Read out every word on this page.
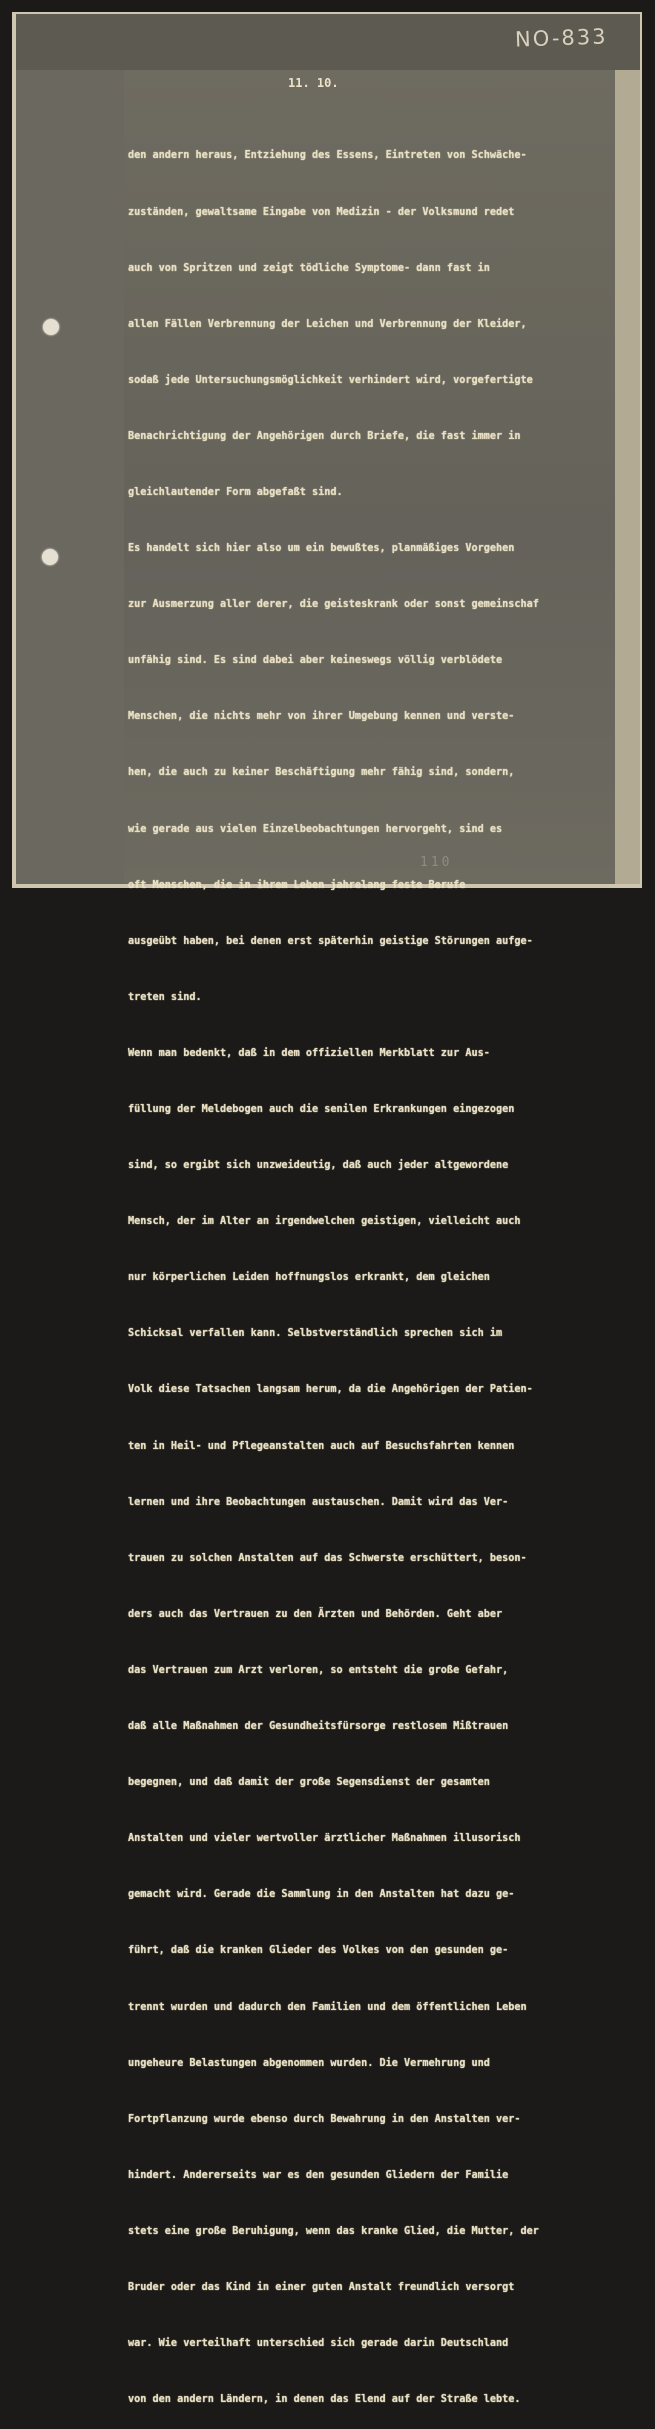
NO-833
11. 10.

den andern heraus, Entziehung des Essens, Eintreten von Schwäche-

zuständen, gewaltsame Eingabe von Medizin - der Volksmund redet

auch von Spritzen und zeigt tödliche Symptome- dann fast in

allen Fällen Verbrennung der Leichen und Verbrennung der Kleider,

sodaß jede Untersuchungsmöglichkeit verhindert wird, vorgefertigte

Benachrichtigung der Angehörigen durch Briefe, die fast immer in

gleichlautender Form abgefaßt sind.

Es handelt sich hier also um ein bewußtes, planmäßiges Vorgehen

zur Ausmerzung aller derer, die geisteskrank oder sonst gemeinschaf

unfähig sind. Es sind dabei aber keineswegs völlig verblödete

Menschen, die nichts mehr von ihrer Umgebung kennen und verste-

hen, die auch zu keiner Beschäftigung mehr fähig sind, sondern,

wie gerade aus vielen Einzelbeobachtungen hervorgeht, sind es

oft Menschen, die in ihrem Leben jahrelang feste Berufe

ausgeübt haben, bei denen erst späterhin geistige Störungen aufge-

treten sind.

Wenn man bedenkt, daß in dem offiziellen Merkblatt zur Aus-

füllung der Meldebogen auch die senilen Erkrankungen eingezogen

sind, so ergibt sich unzweideutig, daß auch jeder altgewordene

Mensch, der im Alter an irgendwelchen geistigen, vielleicht auch

nur körperlichen Leiden hoffnungslos erkrankt, dem gleichen

Schicksal verfallen kann. Selbstverständlich sprechen sich im

Volk diese Tatsachen langsam herum, da die Angehörigen der Patien-

ten in Heil- und Pflegeanstalten auch auf Besuchsfahrten kennen

lernen und ihre Beobachtungen austauschen. Damit wird das Ver-

trauen zu solchen Anstalten auf das Schwerste erschüttert, beson-

ders auch das Vertrauen zu den Ärzten und Behörden. Geht aber

das Vertrauen zum Arzt verloren, so entsteht die große Gefahr,

daß alle Maßnahmen der Gesundheitsfürsorge restlosem Mißtrauen

begegnen, und daß damit der große Segensdienst der gesamten

Anstalten und vieler wertvoller ärztlicher Maßnahmen illusorisch

gemacht wird. Gerade die Sammlung in den Anstalten hat dazu ge-

führt, daß die kranken Glieder des Volkes von den gesunden ge-

trennt wurden und dadurch den Familien und dem öffentlichen Leben

ungeheure Belastungen abgenommen wurden. Die Vermehrung und

Fortpflanzung wurde ebenso durch Bewahrung in den Anstalten ver-

hindert. Andererseits war es den gesunden Gliedern der Familie

stets eine große Beruhigung, wenn das kranke Glied, die Mutter, der

Bruder oder das Kind in einer guten Anstalt freundlich versorgt

war. Wie verteilhaft unterschied sich gerade darin Deutschland

von den andern Ländern, in denen das Elend auf der Straße lebte.

110
